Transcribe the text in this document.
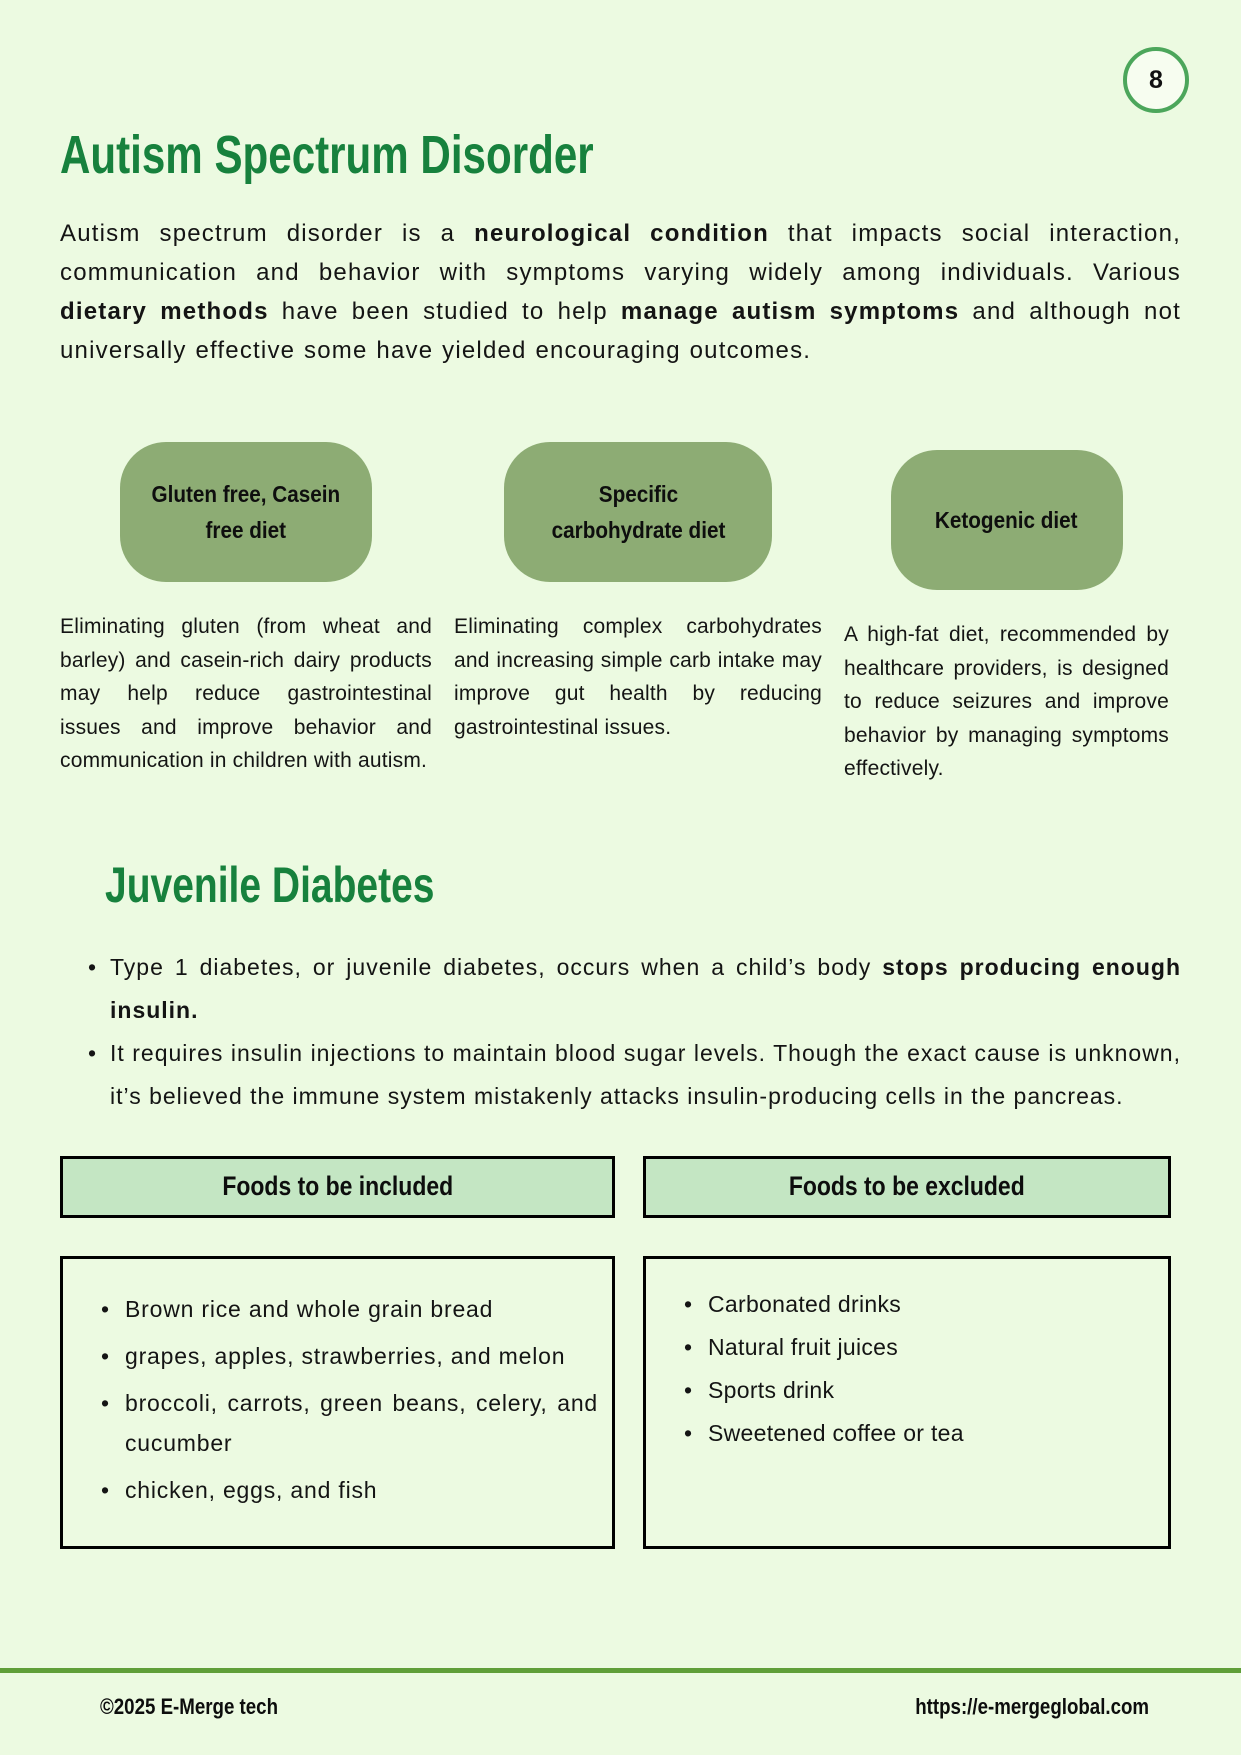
8
Autism Spectrum Disorder

Autism spectrum disorder is a neurological condition that impacts social interaction, communication and behavior with symptoms varying widely among individuals. Various dietary methods have been studied to help manage autism symptoms and although not universally effective some have yielded encouraging outcomes.

Gluten free, Casein
free diet

Eliminating gluten (from wheat and barley) and casein-rich dairy products may help reduce gastrointestinal issues and improve behavior and communication in children with autism.

Specific
carbohydrate diet

Eliminating complex carbohydrates and increasing simple carb intake may improve gut health by reducing gastrointestinal issues.

Ketogenic diet

A high-fat diet, recommended by healthcare providers, is designed to reduce seizures and improve behavior by managing symptoms effectively.

Juvenile Diabetes
• Type 1 diabetes, or juvenile diabetes, occurs when a child’s body stops producing enough insulin.
• It requires insulin injections to maintain blood sugar levels. Though the exact cause is unknown, it’s believed the immune system mistakenly attacks insulin-producing cells in the pancreas.
Foods to be included	Foods to be excluded
• Brown rice and whole grain bread
• grapes, apples, strawberries, and melon
• broccoli, carrots, green beans, celery, and cucumber
• chicken, eggs, and fish
• Carbonated drinks
• Natural fruit juices
• Sports drink
• Sweetened coffee or tea
©2025 E-Merge tech	https://e-mergeglobal.com
